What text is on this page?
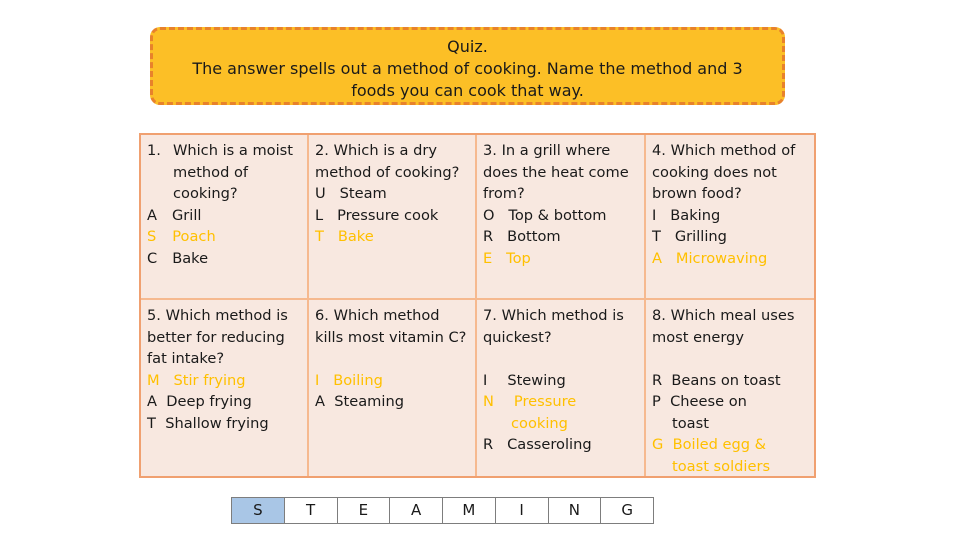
Quiz.
The answer spells out a method of cooking. Name the method and 3
foods you can cook that way.
1. Which is a moist
method of
cooking?
A Grill
S Poach
C Bake
2. Which is a dry
method of cooking?
U Steam
L Pressure cook
T Bake
3. In a grill where
does the heat come
from?
O Top & bottom
R Bottom
E Top
4. Which method of
cooking does not
brown food?
I Baking
T Grilling
A Microwaving
5. Which method is
better for reducing
fat intake?
M Stir frying
A Deep frying
T Shallow frying
6. Which method
kills most vitamin C?
I Boiling
A Steaming
7. Which method is
quickest?
I Stewing
N Pressure
cooking
R Casseroling
8. Which meal uses
most energy
R Beans on toast
P Cheese on
toast
G Boiled egg &
toast soldiers
S	T	E	A	M	I	N	G
